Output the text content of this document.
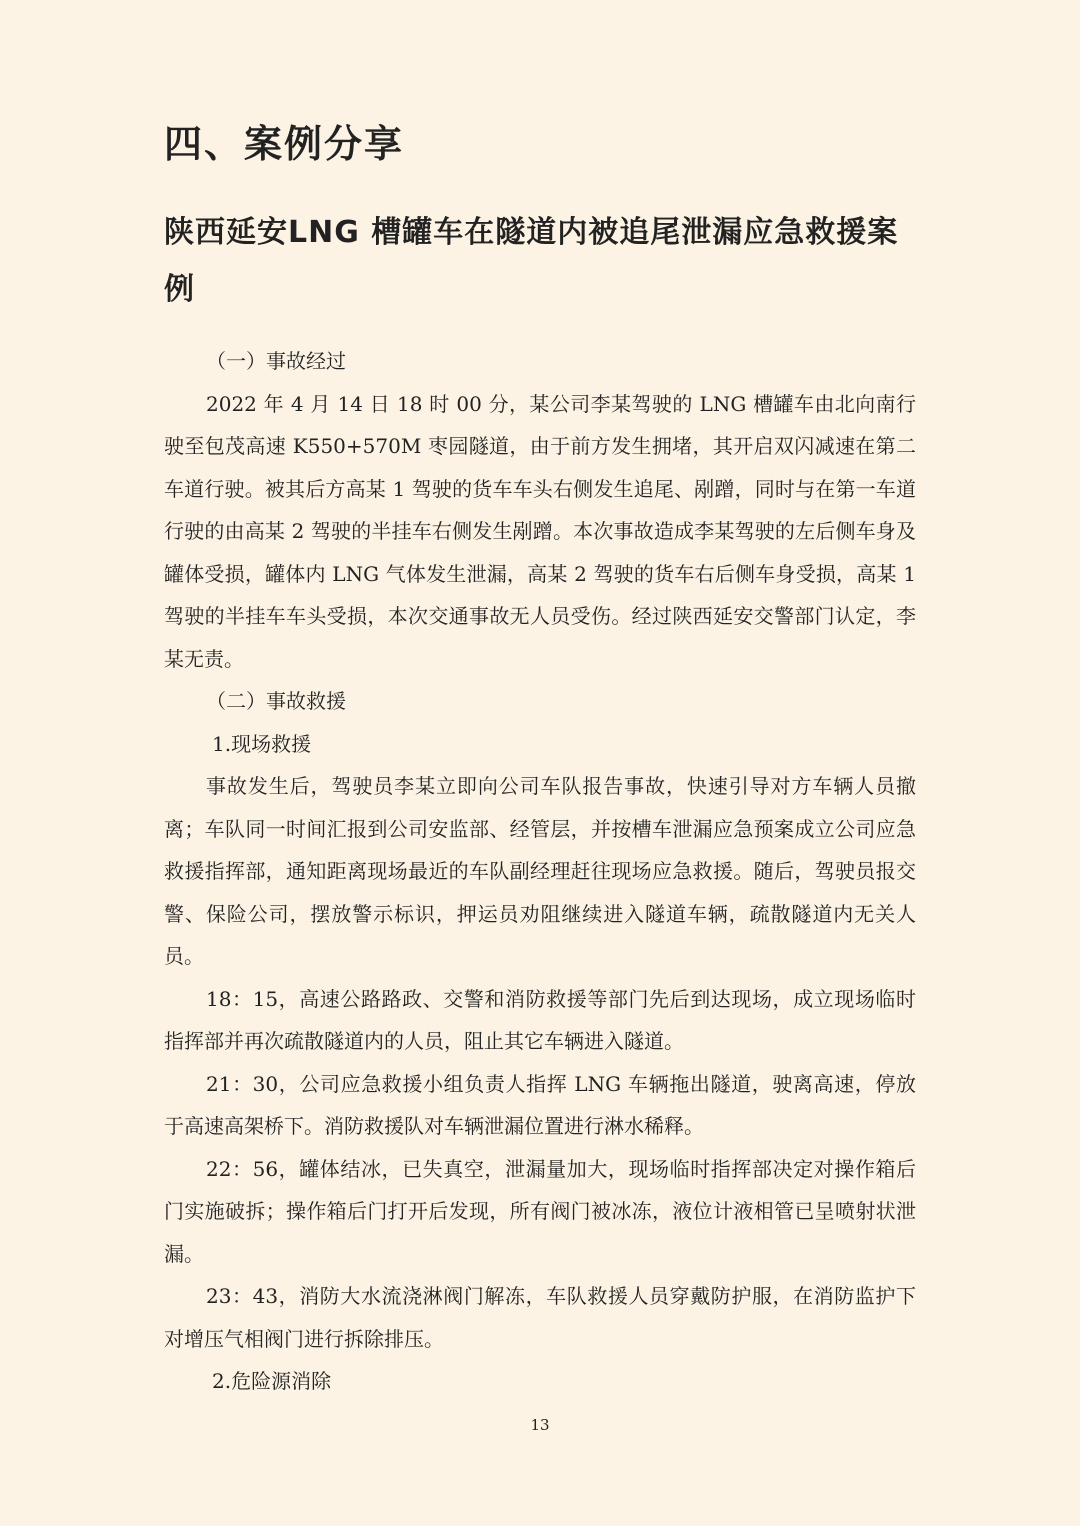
四、案例分享
陕西延安LNG 槽罐车在隧道内被追尾泄漏应急救援案例

（一）事故经过

2022 年 4 月 14 日 18 时 00 分，某公司李某驾驶的 LNG 槽罐车由北向南行驶至包茂高速 K550+570M 枣园隧道，由于前方发生拥堵，其开启双闪减速在第二车道行驶。被其后方高某 1 驾驶的货车车头右侧发生追尾、剐蹭，同时与在第一车道行驶的由高某 2 驾驶的半挂车右侧发生剐蹭。本次事故造成李某驾驶的左后侧车身及罐体受损，罐体内 LNG 气体发生泄漏，高某 2 驾驶的货车右后侧车身受损，高某 1 驾驶的半挂车车头受损，本次交通事故无人员受伤。经过陕西延安交警部门认定，李某无责。

（二）事故救援

1.现场救援

事故发生后，驾驶员李某立即向公司车队报告事故，快速引导对方车辆人员撤离；车队同一时间汇报到公司安监部、经管层，并按槽车泄漏应急预案成立公司应急救援指挥部，通知距离现场最近的车队副经理赶往现场应急救援。随后，驾驶员报交警、保险公司，摆放警示标识，押运员劝阻继续进入隧道车辆，疏散隧道内无关人员。

18：15，高速公路路政、交警和消防救援等部门先后到达现场，成立现场临时指挥部并再次疏散隧道内的人员，阻止其它车辆进入隧道。

21：30，公司应急救援小组负责人指挥 LNG 车辆拖出隧道，驶离高速，停放于高速高架桥下。消防救援队对车辆泄漏位置进行淋水稀释。

22：56，罐体结冰，已失真空，泄漏量加大，现场临时指挥部决定对操作箱后门实施破拆；操作箱后门打开后发现，所有阀门被冰冻，液位计液相管已呈喷射状泄漏。

23：43，消防大水流浇淋阀门解冻，车队救援人员穿戴防护服，在消防监护下对增压气相阀门进行拆除排压。

2.危险源消除

13
